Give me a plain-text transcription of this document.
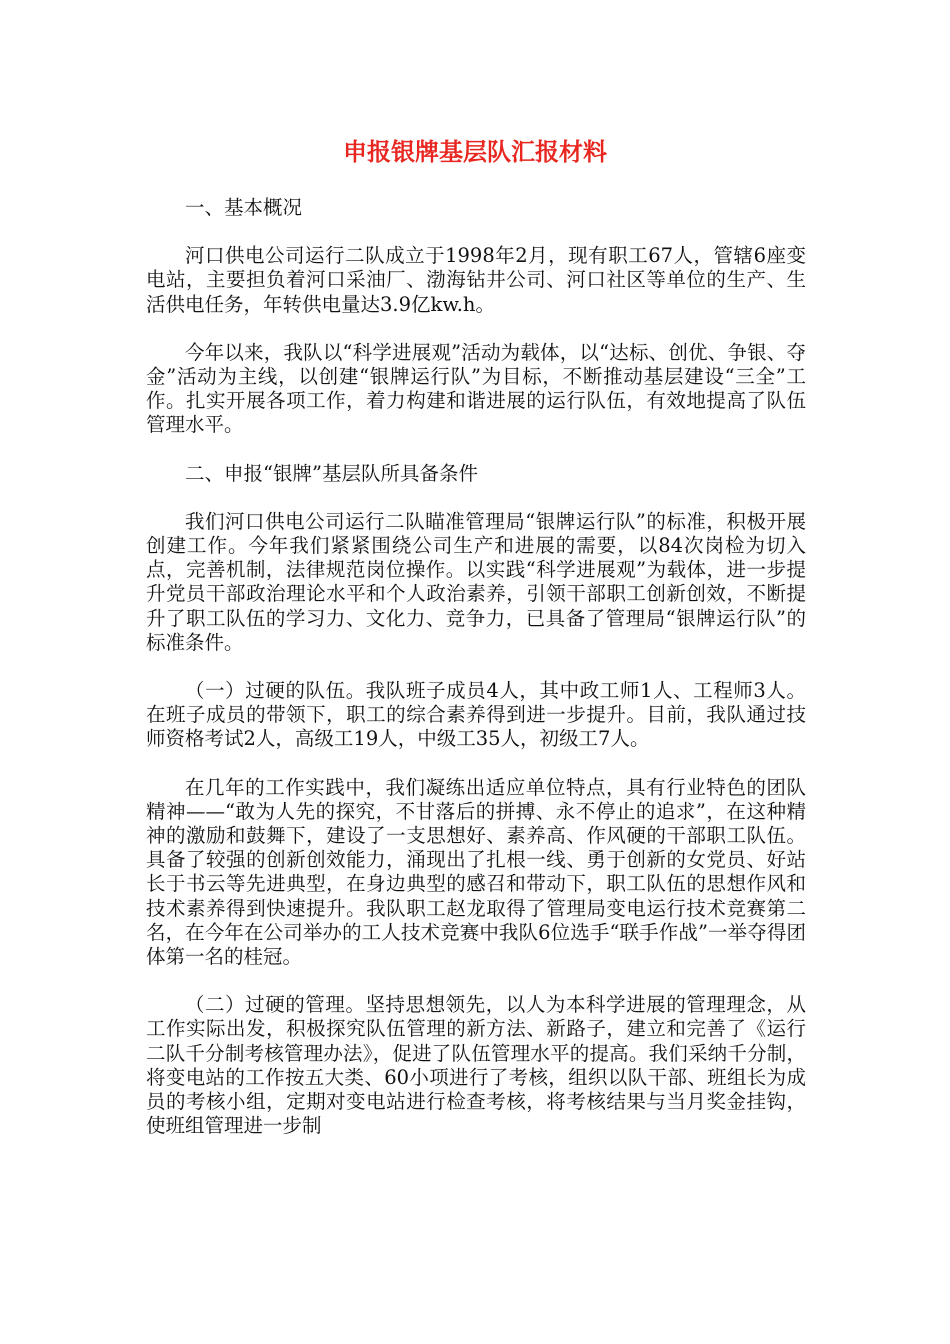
申报银牌基层队汇报材料

一、基本概况

河口供电公司运行二队成立于1998年2月，现有职工67人，管辖6座变电站，主要担负着河口采油厂、渤海钻井公司、河口社区等单位的生产、生活供电任务，年转供电量达3.9亿kw.h。

今年以来，我队以“科学进展观”活动为载体，以“达标、创优、争银、夺金”活动为主线，以创建“银牌运行队”为目标，不断推动基层建设“三全”工作。扎实开展各项工作，着力构建和谐进展的运行队伍，有效地提高了队伍管理水平。

二、申报“银牌”基层队所具备条件

我们河口供电公司运行二队瞄准管理局“银牌运行队”的标准，积极开展创建工作。今年我们紧紧围绕公司生产和进展的需要，以84次岗检为切入点，完善机制，法律规范岗位操作。以实践“科学进展观”为载体，进一步提升党员干部政治理论水平和个人政治素养，引领干部职工创新创效，不断提升了职工队伍的学习力、文化力、竞争力，已具备了管理局“银牌运行队”的标准条件。

（一）过硬的队伍。我队班子成员4人，其中政工师1人、工程师3人。在班子成员的带领下，职工的综合素养得到进一步提升。目前，我队通过技师资格考试2人，高级工19人，中级工35人，初级工7人。

在几年的工作实践中，我们凝练出适应单位特点，具有行业特色的团队精神——“敢为人先的探究，不甘落后的拼搏、永不停止的追求”，在这种精神的激励和鼓舞下，建设了一支思想好、素养高、作风硬的干部职工队伍。具备了较强的创新创效能力，涌现出了扎根一线、勇于创新的女党员、好站长于书云等先进典型，在身边典型的感召和带动下，职工队伍的思想作风和技术素养得到快速提升。我队职工赵龙取得了管理局变电运行技术竞赛第二名，在今年在公司举办的工人技术竞赛中我队6位选手“联手作战”一举夺得团体第一名的桂冠。

（二）过硬的管理。坚持思想领先，以人为本科学进展的管理理念，从工作实际出发，积极探究队伍管理的新方法、新路子，建立和完善了《运行二队千分制考核管理办法》，促进了队伍管理水平的提高。我们采纳千分制，将变电站的工作按五大类、60小项进行了考核，组织以队干部、班组长为成员的考核小组，定期对变电站进行检查考核，将考核结果与当月奖金挂钩，使班组管理进一步制
